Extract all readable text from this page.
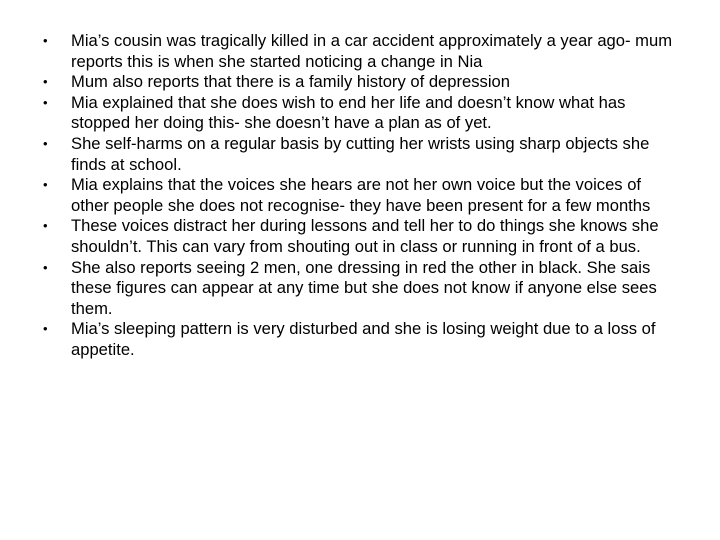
•	Mia’s cousin was tragically killed in a car accident approximately a year ago- mum reports this is when she started noticing a change in Nia
•	Mum also reports that there is a family history of depression
•	Mia explained that she does wish to end her life and doesn’t know what has stopped her doing this- she doesn’t have a plan as of yet.
•	She self-harms on a regular basis by cutting her wrists using sharp objects she finds at school.
•	Mia explains that the voices she hears are not her own voice but the voices of other people she does not recognise- they have been present for a few months
•	These voices distract her during lessons and tell her to do things she knows she shouldn’t. This can vary from shouting out in class or running in front of a bus.
•	She also reports seeing 2 men, one dressing in red the other in black. She sais these figures can appear at any time but she does not know if anyone else sees them.
•	Mia’s sleeping pattern is very disturbed and she is losing weight due to a loss of appetite.
